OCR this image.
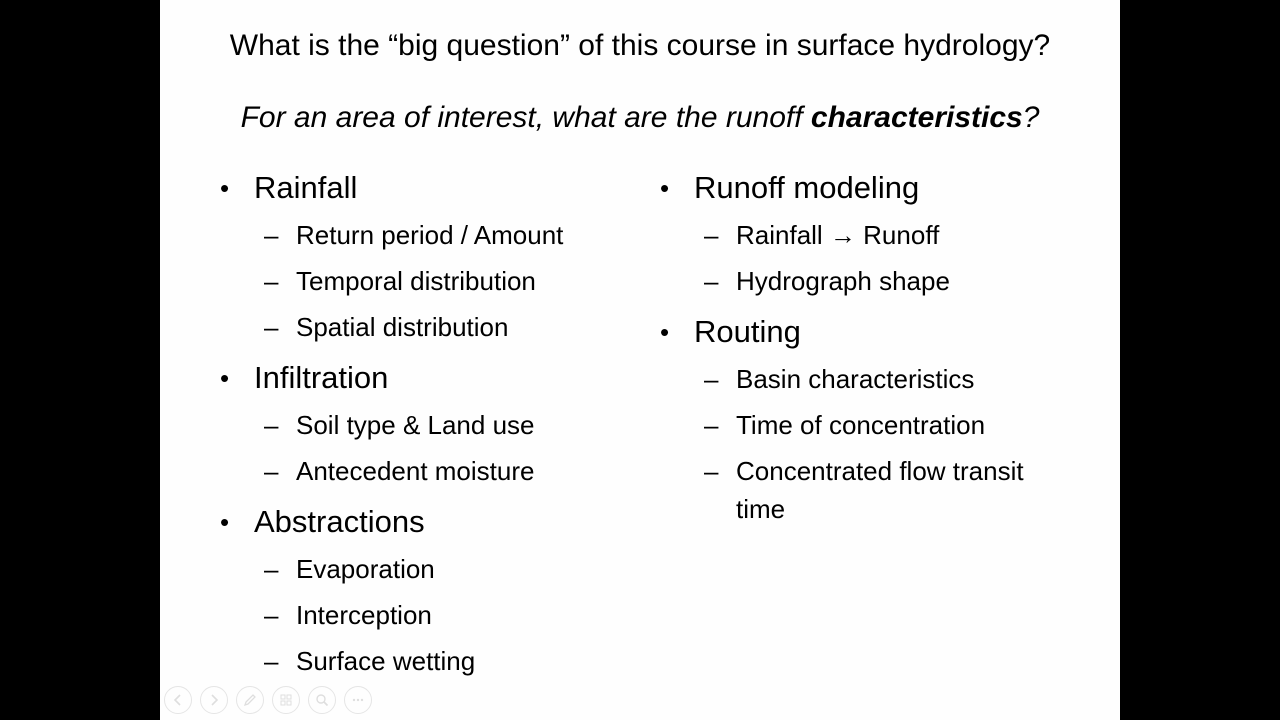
What is the “big question” of this course in surface hydrology?
For an area of interest, what are the runoff characteristics?
• Rainfall
– Return period / Amount
– Temporal distribution
– Spatial distribution
• Infiltration
– Soil type & Land use
– Antecedent moisture
• Abstractions
– Evaporation
– Interception
– Surface wetting
• Runoff modeling
– Rainfall → Runoff
– Hydrograph shape
• Routing
– Basin characteristics
– Time of concentration
– Concentrated flow transit time
